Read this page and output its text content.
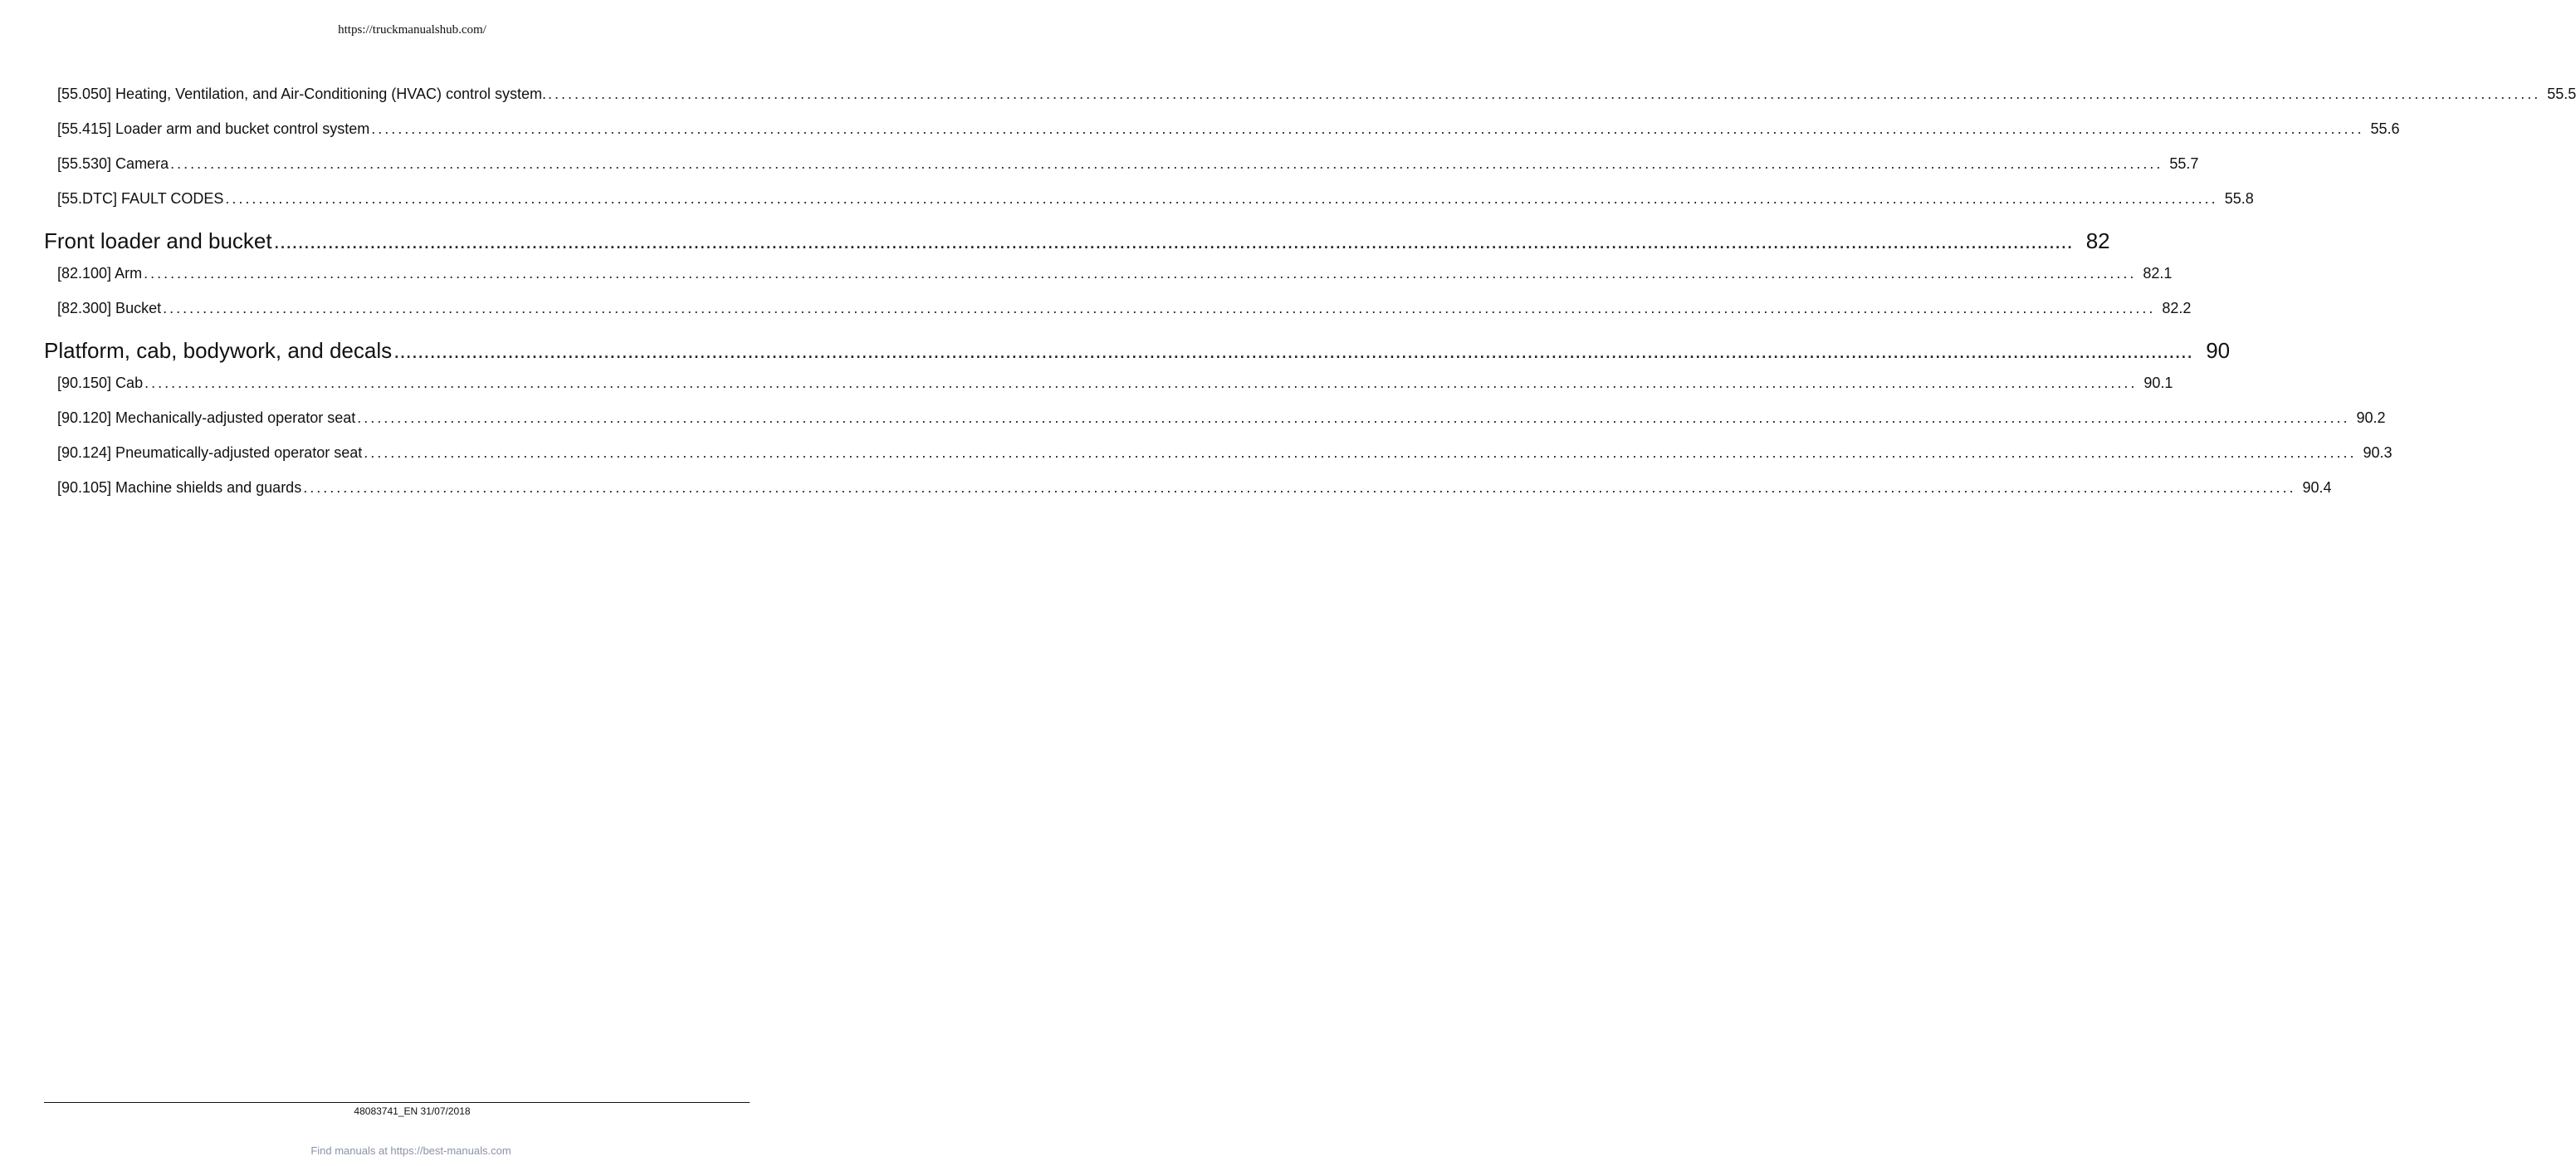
https://truckmanualshub.com/
[55.050] Heating, Ventilation, and Air-Conditioning (HVAC) control system. ............................................................................................................................................................................................................................................................................................................ 55.5
[55.415] Loader arm and bucket control system ............................................................................................................................................................................................................................................................................................................ 55.6
[55.530] Camera ............................................................................................................................................................................................................................................................................................................ 55.7
[55.DTC] FAULT CODES ............................................................................................................................................................................................................................................................................................................ 55.8
Front loader and bucket ............................................................................................................................................................................................................................................................................................................ 82
[82.100] Arm ............................................................................................................................................................................................................................................................................................................ 82.1
[82.300] Bucket ............................................................................................................................................................................................................................................................................................................ 82.2
Platform, cab, bodywork, and decals ............................................................................................................................................................................................................................................................................................................ 90
[90.150] Cab ............................................................................................................................................................................................................................................................................................................ 90.1
[90.120] Mechanically-adjusted operator seat ............................................................................................................................................................................................................................................................................................................ 90.2
[90.124] Pneumatically-adjusted operator seat ............................................................................................................................................................................................................................................................................................................ 90.3
[90.105] Machine shields and guards ............................................................................................................................................................................................................................................................................................................ 90.4
48083741_EN 31/07/2018
Find manuals at https://best-manuals.com
